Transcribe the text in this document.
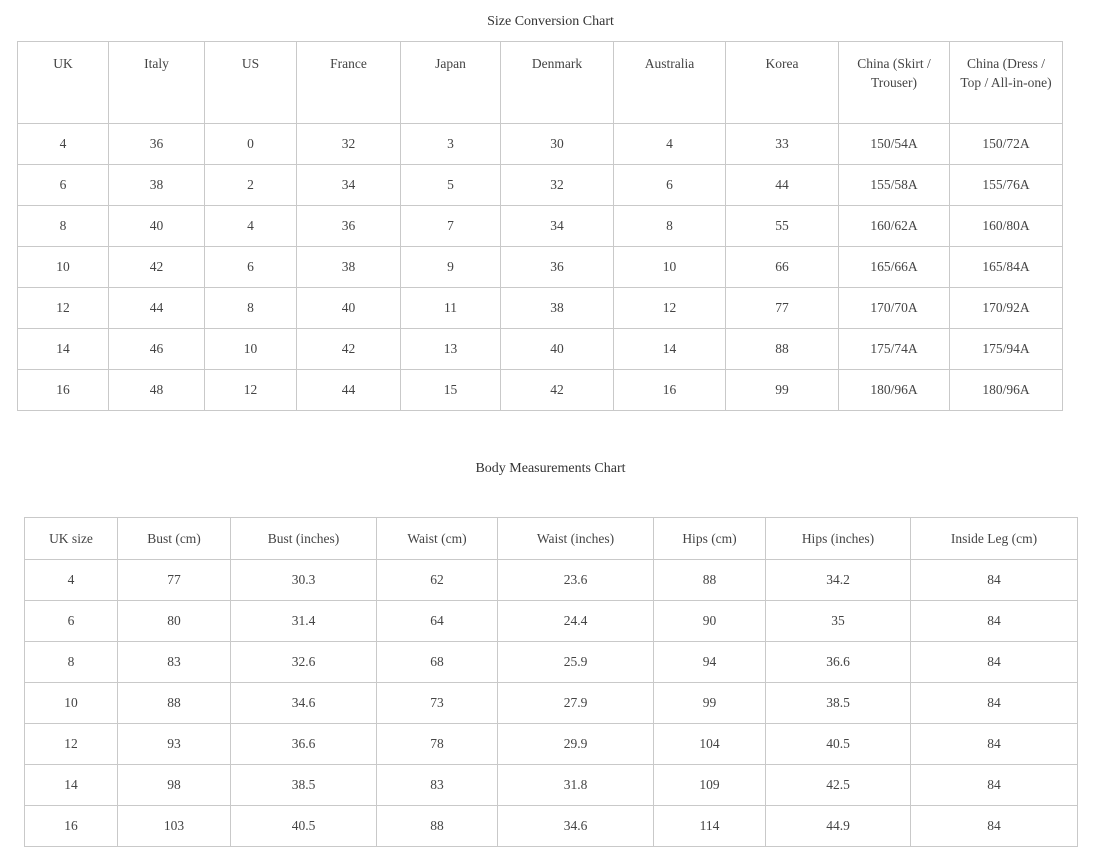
Size Conversion Chart
UK	Italy	US	France	Japan	Denmark	Australia	Korea	China (Skirt / Trouser)	China (Dress / Top / All-in-one)
4	36	0	32	3	30	4	33	150/54A	150/72A
6	38	2	34	5	32	6	44	155/58A	155/76A
8	40	4	36	7	34	8	55	160/62A	160/80A
10	42	6	38	9	36	10	66	165/66A	165/84A
12	44	8	40	11	38	12	77	170/70A	170/92A
14	46	10	42	13	40	14	88	175/74A	175/94A
16	48	12	44	15	42	16	99	180/96A	180/96A
Body Measurements Chart
UK size	Bust (cm)	Bust (inches)	Waist (cm)	Waist (inches)	Hips (cm)	Hips (inches)	Inside Leg (cm)
4	77	30.3	62	23.6	88	34.2	84
6	80	31.4	64	24.4	90	35	84
8	83	32.6	68	25.9	94	36.6	84
10	88	34.6	73	27.9	99	38.5	84
12	93	36.6	78	29.9	104	40.5	84
14	98	38.5	83	31.8	109	42.5	84
16	103	40.5	88	34.6	114	44.9	84
